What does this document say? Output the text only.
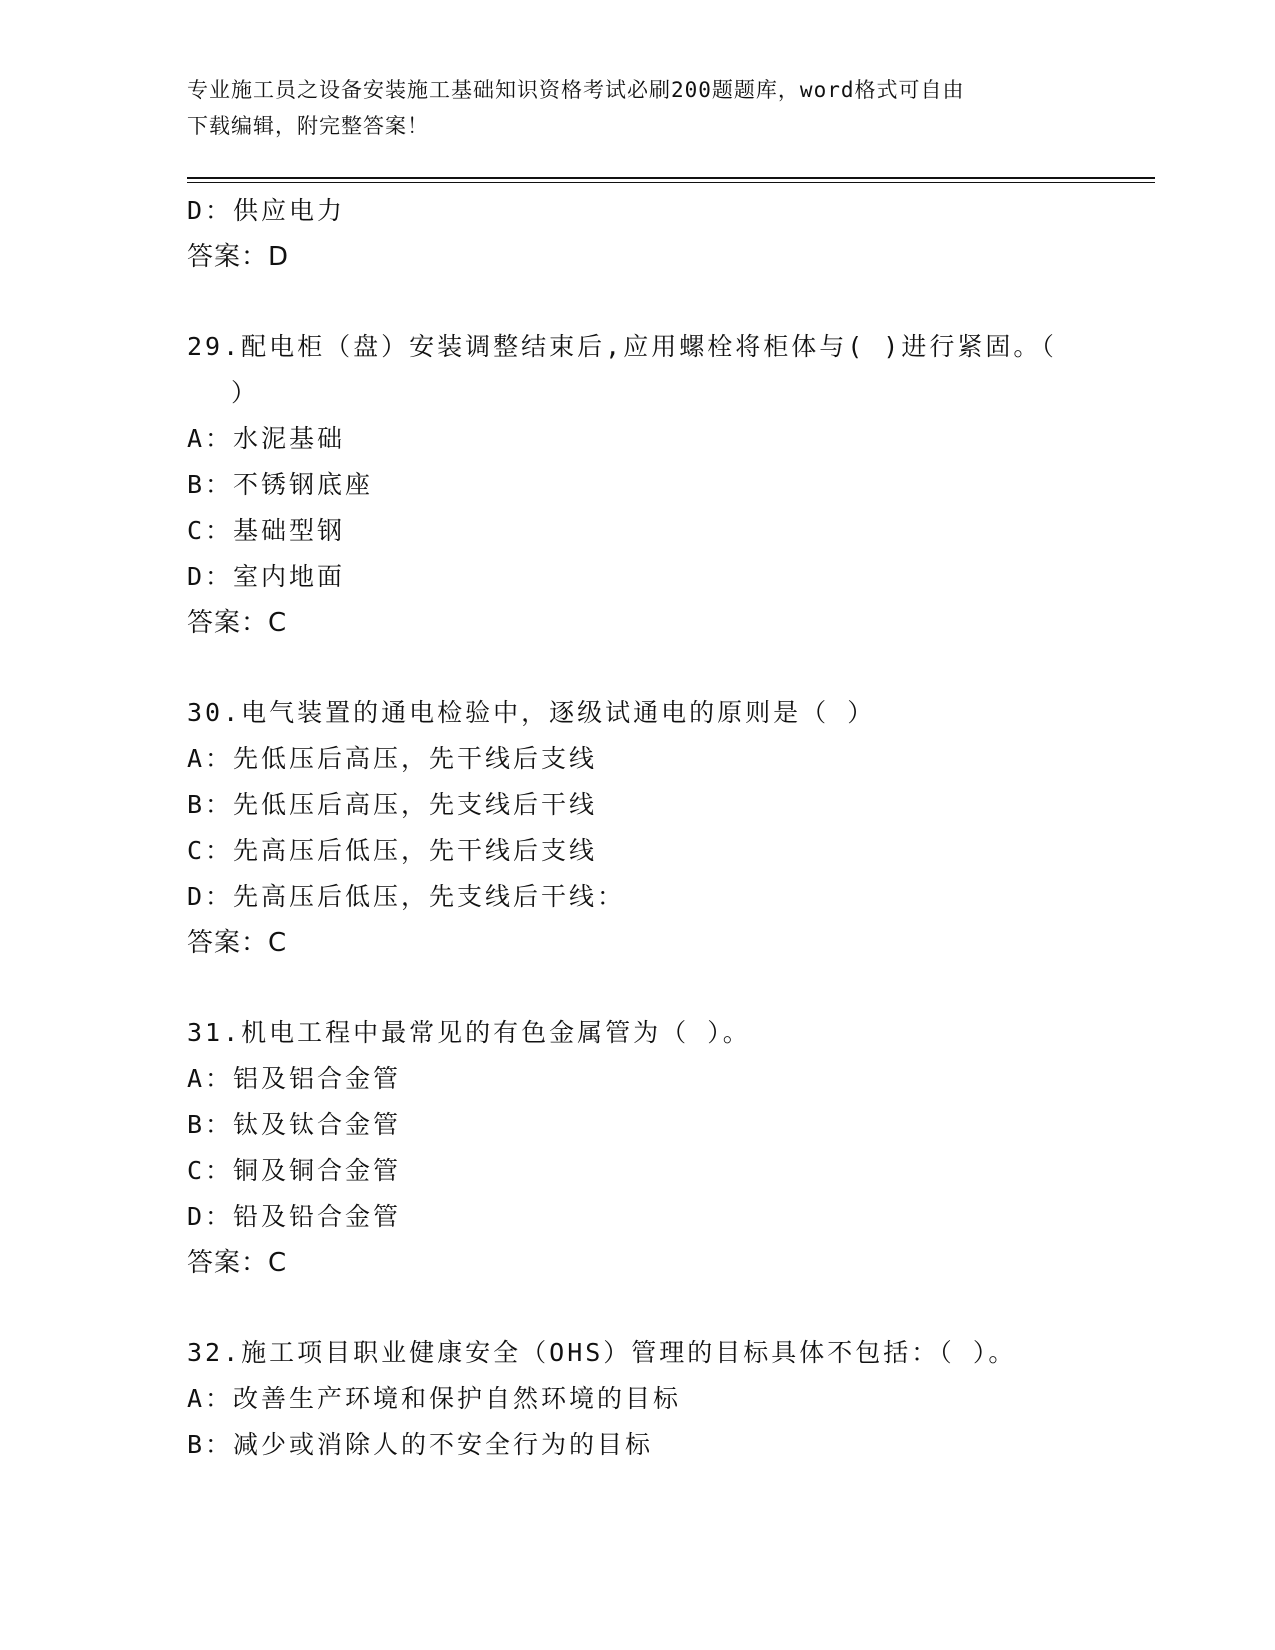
专业施工员之设备安装施工基础知识资格考试必刷200题题库，word格式可自由
下载编辑，附完整答案！
D：供应电力
答案：D
29.配电柜（盘）安装调整结束后,应用螺栓将柜体与( )进行紧固。（
）
A：水泥基础
B：不锈钢底座
C：基础型钢
D：室内地面
答案：C
30.电气装置的通电检验中，逐级试通电的原则是（ ）
A：先低压后高压，先干线后支线
B：先低压后高压，先支线后干线
C：先高压后低压，先干线后支线
D：先高压后低压，先支线后干线：
答案：C
31.机电工程中最常见的有色金属管为（ ）。
A：铝及铝合金管
B：钛及钛合金管
C：铜及铜合金管
D：铅及铅合金管
答案：C
32.施工项目职业健康安全（OHS）管理的目标具体不包括：（ ）。
A：改善生产环境和保护自然环境的目标
B：减少或消除人的不安全行为的目标
